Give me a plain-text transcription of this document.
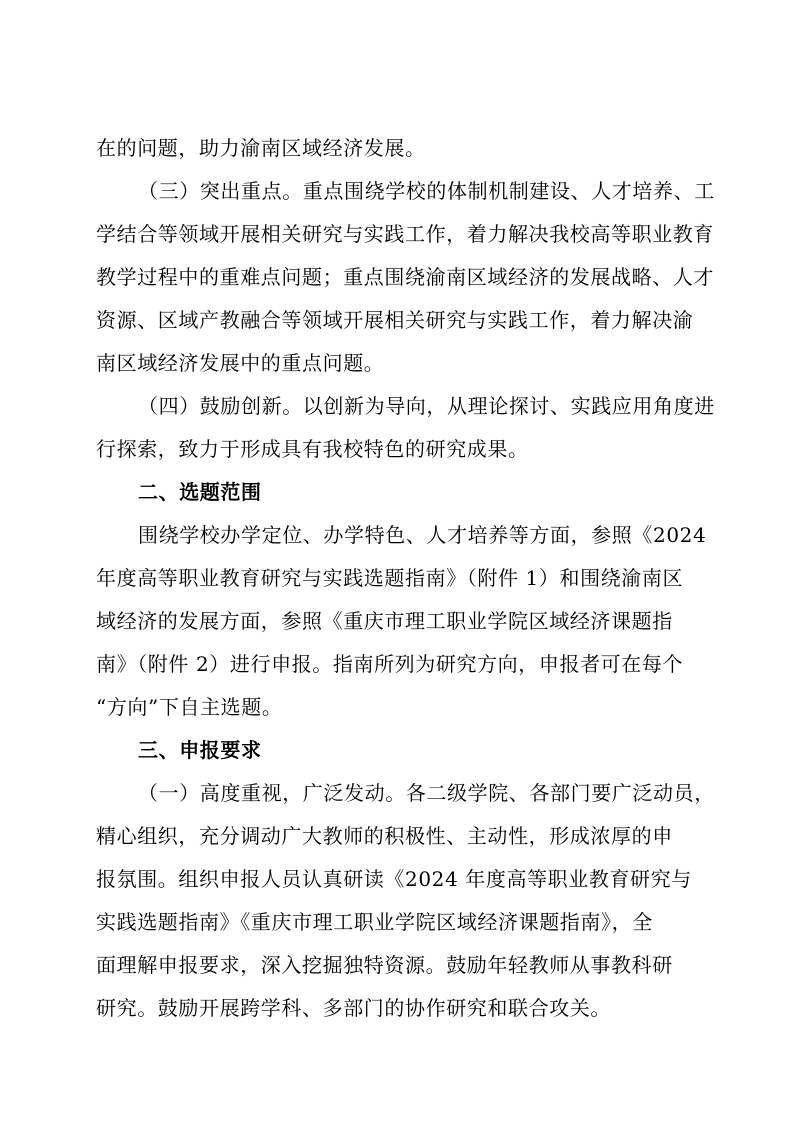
在的问题，助力渝南区域经济发展。
（三）突出重点。重点围绕学校的体制机制建设、人才培养、工
学结合等领域开展相关研究与实践工作，着力解决我校高等职业教育
教学过程中的重难点问题；重点围绕渝南区域经济的发展战略、人才
资源、区域产教融合等领域开展相关研究与实践工作，着力解决渝
南区域经济发展中的重点问题。
（四）鼓励创新。以创新为导向，从理论探讨、实践应用角度进
行探索，致力于形成具有我校特色的研究成果。
二、选题范围
围绕学校办学定位、办学特色、人才培养等方面，参照《2024
年度高等职业教育研究与实践选题指南》（附件 1）和围绕渝南区
域经济的发展方面，参照《重庆市理工职业学院区域经济课题指
南》（附件 2）进行申报。指南所列为研究方向，申报者可在每个
“方向”下自主选题。
三、申报要求
（一）高度重视，广泛发动。各二级学院、各部门要广泛动员，
精心组织，充分调动广大教师的积极性、主动性，形成浓厚的申
报氛围。组织申报人员认真研读《2024 年度高等职业教育研究与
实践选题指南》《重庆市理工职业学院区域经济课题指南》，全
面理解申报要求，深入挖掘独特资源。鼓励年轻教师从事教科研
研究。鼓励开展跨学科、多部门的协作研究和联合攻关。
